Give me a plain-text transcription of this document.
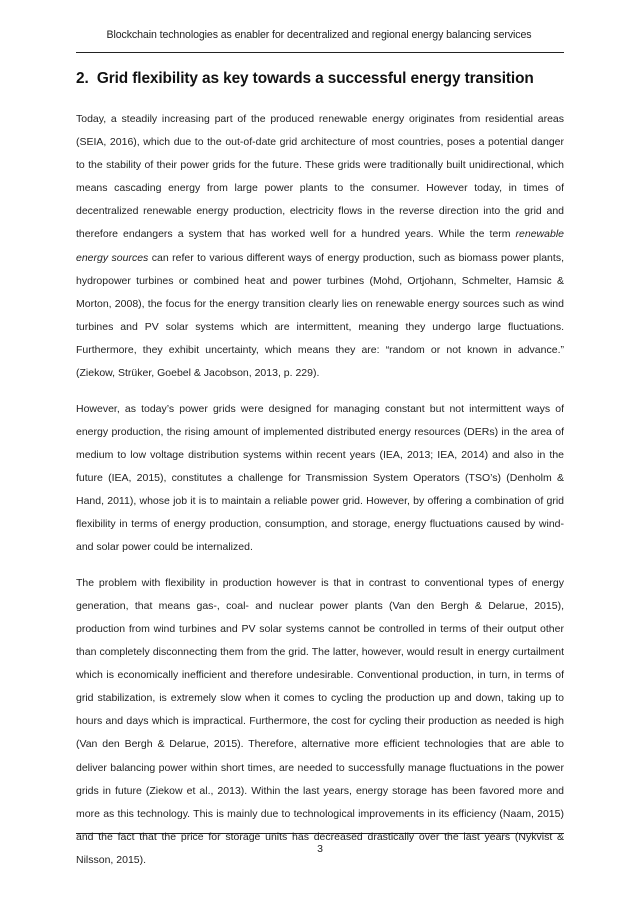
Blockchain technologies as enabler for decentralized and regional energy balancing services
2. Grid flexibility as key towards a successful energy transition

Today, a steadily increasing part of the produced renewable energy originates from residential areas (SEIA, 2016), which due to the out-of-date grid architecture of most countries, poses a potential danger to the stability of their power grids for the future. These grids were traditionally built unidirectional, which means cascading energy from large power plants to the consumer. However today, in times of decentralized renewable energy production, electricity flows in the reverse direction into the grid and therefore endangers a system that has worked well for a hundred years. While the term renewable energy sources can refer to various different ways of energy production, such as biomass power plants, hydropower turbines or combined heat and power turbines (Mohd, Ortjohann, Schmelter, Hamsic & Morton, 2008), the focus for the energy transition clearly lies on renewable energy sources such as wind turbines and PV solar systems which are intermittent, meaning they undergo large fluctuations. Furthermore, they exhibit uncertainty, which means they are: “random or not known in advance.” (Ziekow, Strüker, Goebel & Jacobson, 2013, p. 229).

However, as today’s power grids were designed for managing constant but not intermittent ways of energy production, the rising amount of implemented distributed energy resources (DERs) in the area of medium to low voltage distribution systems within recent years (IEA, 2013; IEA, 2014) and also in the future (IEA, 2015), constitutes a challenge for Transmission System Operators (TSO’s) (Denholm & Hand, 2011), whose job it is to maintain a reliable power grid. However, by offering a combination of grid flexibility in terms of energy production, consumption, and storage, energy fluctuations caused by wind- and solar power could be internalized.

The problem with flexibility in production however is that in contrast to conventional types of energy generation, that means gas-, coal- and nuclear power plants (Van den Bergh & Delarue, 2015), production from wind turbines and PV solar systems cannot be controlled in terms of their output other than completely disconnecting them from the grid. The latter, however, would result in energy curtailment which is economically inefficient and therefore undesirable. Conventional production, in turn, in terms of grid stabilization, is extremely slow when it comes to cycling the production up and down, taking up to hours and days which is impractical. Furthermore, the cost for cycling their production as needed is high (Van den Bergh & Delarue, 2015). Therefore, alternative more efficient technologies that are able to deliver balancing power within short times, are needed to successfully manage fluctuations in the power grids in future (Ziekow et al., 2013). Within the last years, energy storage has been favored more and more as this technology. This is mainly due to technological improvements in its efficiency (Naam, 2015) and the fact that the price for storage units has decreased drastically over the last years (Nykvist & Nilsson, 2015).

3
